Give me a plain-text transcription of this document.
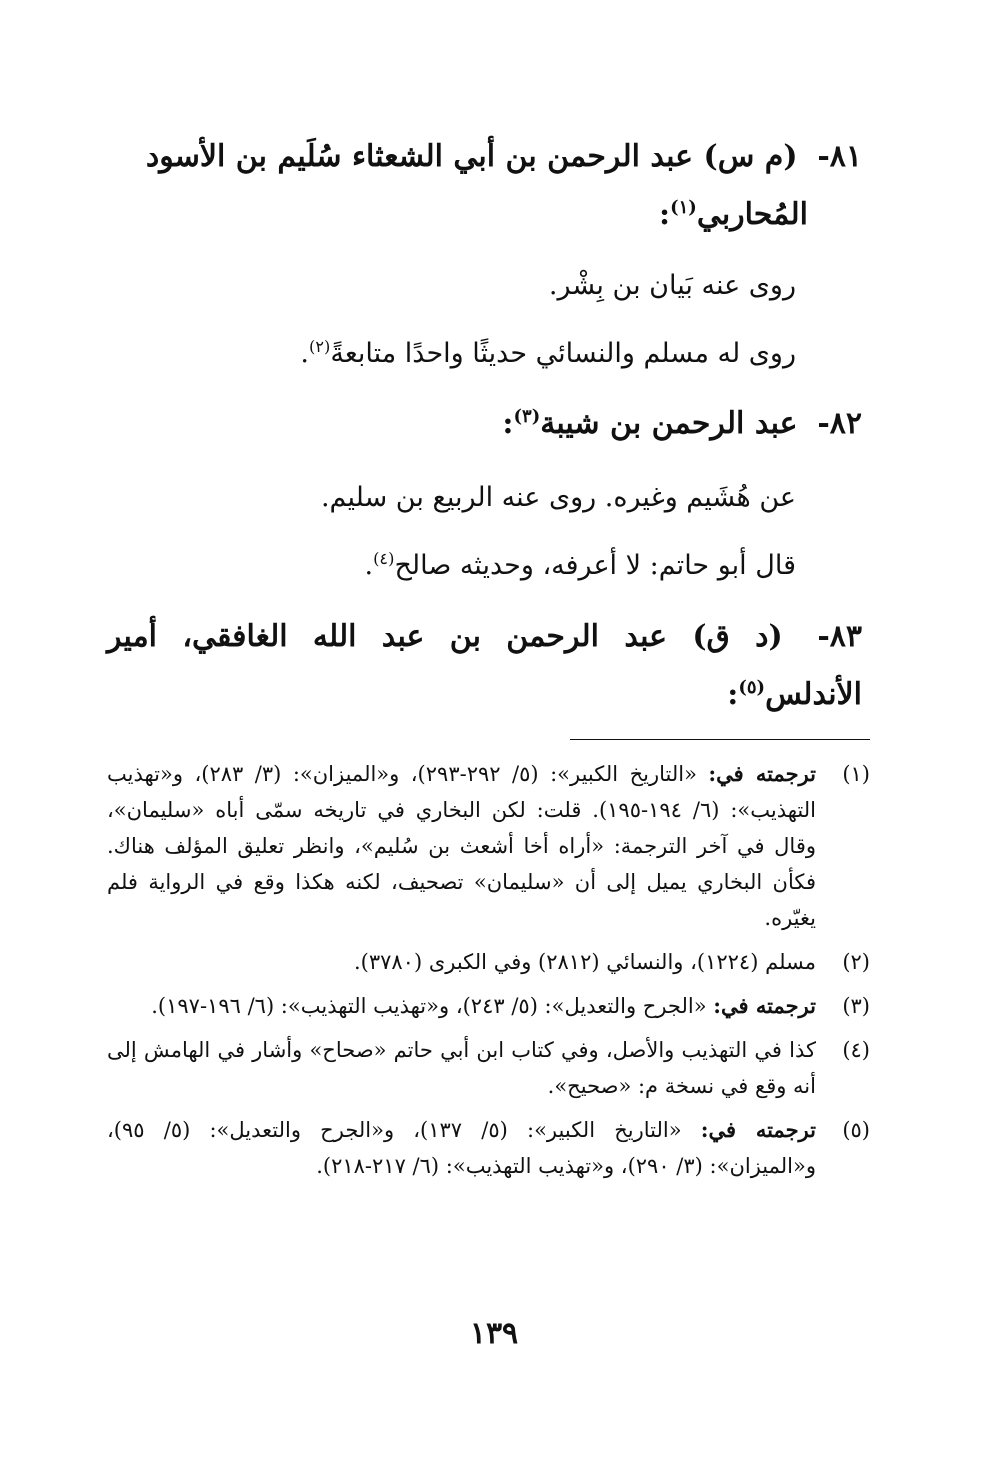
٨١- (م س) عبد الرحمن بن أبي الشعثاء سُلَيم بن الأسود
المُحاربي$^{(١)}$:
روى عنه بَيان بن بِشْر.
روى له مسلم والنسائي حديثًا واحدًا متابعةً$^{(٢)}$.
٨٢- عبد الرحمن بن شيبة$^{(٣)}$:
عن هُشَيم وغيره. روى عنه الربيع بن سليم.
قال أبو حاتم: لا أعرفه، وحديثه صالح$^{(٤)}$.
٨٣- (د ق) عبد الرحمن بن عبد الله الغافقي، أمير الأندلس$^{(٥)}$:
(١)
ترجمته في: «التاريخ الكبير»: (٥/ ٢٩٢-٢٩٣)، و«الميزان»: (٣/ ٢٨٣)، و«تهذيب التهذيب»: (٦/ ١٩٤-١٩٥). قلت: لكن البخاري في تاريخه سمّى أباه «سليمان»، وقال في آخر الترجمة: «أراه أخا أشعث بن سُليم»، وانظر تعليق المؤلف هناك. فكأن البخاري يميل إلى أن «سليمان» تصحيف، لكنه هكذا وقع في الرواية فلم يغيّره.
(٢)
مسلم (١٢٢٤)، والنسائي (٢٨١٢) وفي الكبرى (٣٧٨٠).
(٣)
ترجمته في: «الجرح والتعديل»: (٥/ ٢٤٣)، و«تهذيب التهذيب»: (٦/ ١٩٦-١٩٧).
(٤)
كذا في التهذيب والأصل، وفي كتاب ابن أبي حاتم «صحاح» وأشار في الهامش إلى أنه وقع في نسخة م: «صحيح».
(٥)
ترجمته في: «التاريخ الكبير»: (٥/ ١٣٧)، و«الجرح والتعديل»: (٥/ ٩٥)، و«الميزان»: (٣/ ٢٩٠)، و«تهذيب التهذيب»: (٦/ ٢١٧-٢١٨).
١٣٩
